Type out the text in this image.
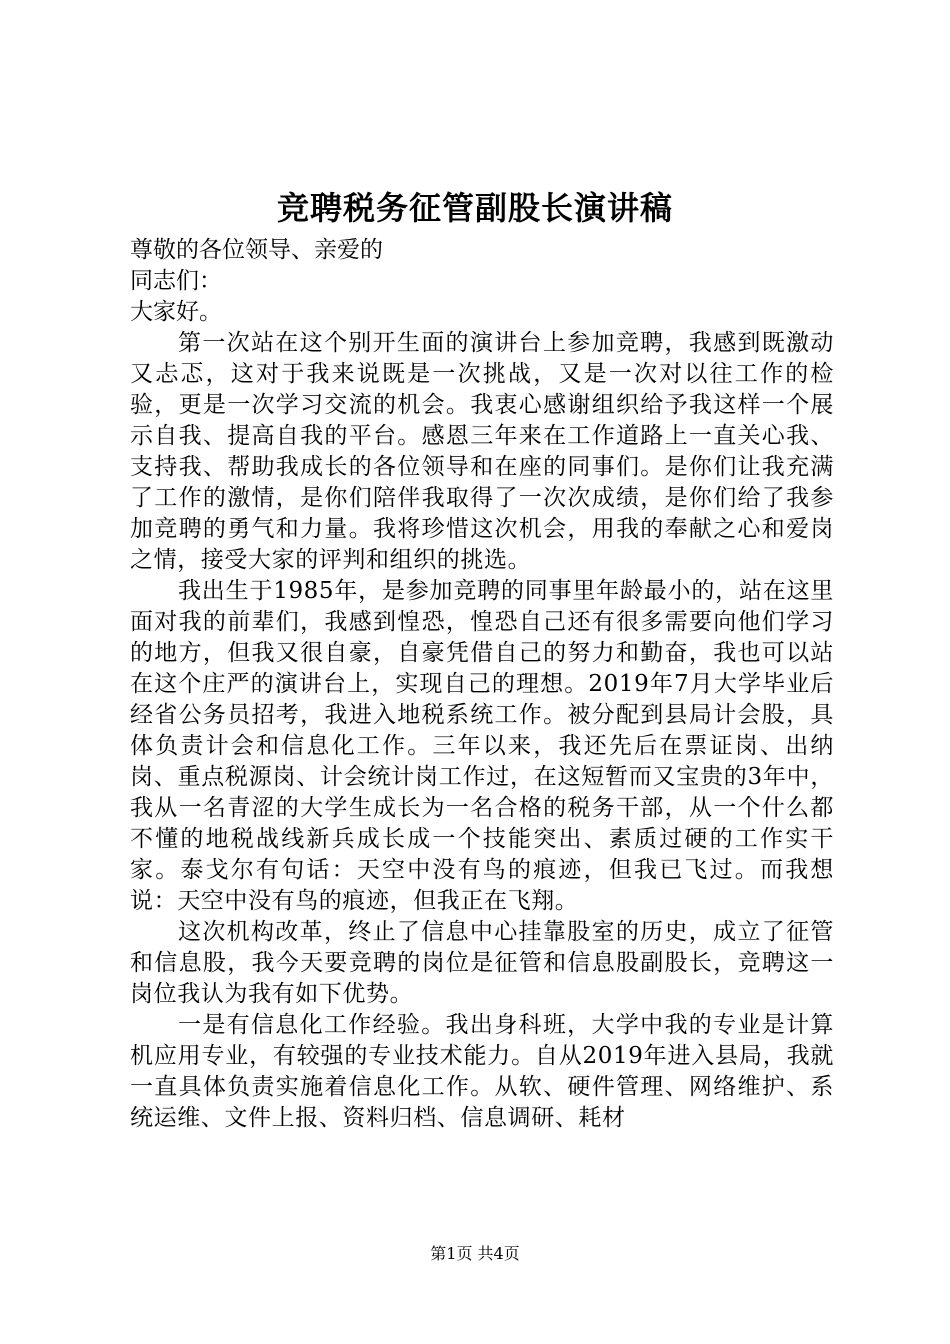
竞聘税务征管副股长演讲稿

尊敬的各位领导、亲爱的

同志们：

大家好。

第一次站在这个别开生面的演讲台上参加竞聘，我感到既激动又忐忑，这对于我来说既是一次挑战，又是一次对以往工作的检验，更是一次学习交流的机会。我衷心感谢组织给予我这样一个展示自我、提高自我的平台。感恩三年来在工作道路上一直关心我、支持我、帮助我成长的各位领导和在座的同事们。是你们让我充满了工作的激情，是你们陪伴我取得了一次次成绩，是你们给了我参加竞聘的勇气和力量。我将珍惜这次机会，用我的奉献之心和爱岗之情，接受大家的评判和组织的挑选。

我出生于1985年，是参加竞聘的同事里年龄最小的，站在这里面对我的前辈们，我感到惶恐，惶恐自己还有很多需要向他们学习的地方，但我又很自豪，自豪凭借自己的努力和勤奋，我也可以站在这个庄严的演讲台上，实现自己的理想。2019年7月大学毕业后经省公务员招考，我进入地税系统工作。被分配到县局计会股，具体负责计会和信息化工作。三年以来，我还先后在票证岗、出纳岗、重点税源岗、计会统计岗工作过，在这短暂而又宝贵的3年中，我从一名青涩的大学生成长为一名合格的税务干部，从一个什么都不懂的地税战线新兵成长成一个技能突出、素质过硬的工作实干家。泰戈尔有句话：天空中没有鸟的痕迹，但我已飞过。而我想说：天空中没有鸟的痕迹，但我正在飞翔。

这次机构改革，终止了信息中心挂靠股室的历史，成立了征管和信息股，我今天要竞聘的岗位是征管和信息股副股长，竞聘这一岗位我认为我有如下优势。

一是有信息化工作经验。我出身科班，大学中我的专业是计算机应用专业，有较强的专业技术能力。自从2019年进入县局，我就一直具体负责实施着信息化工作。从软、硬件管理、网络维护、系统运维、文件上报、资料归档、信息调研、耗材

第1页 共4页
